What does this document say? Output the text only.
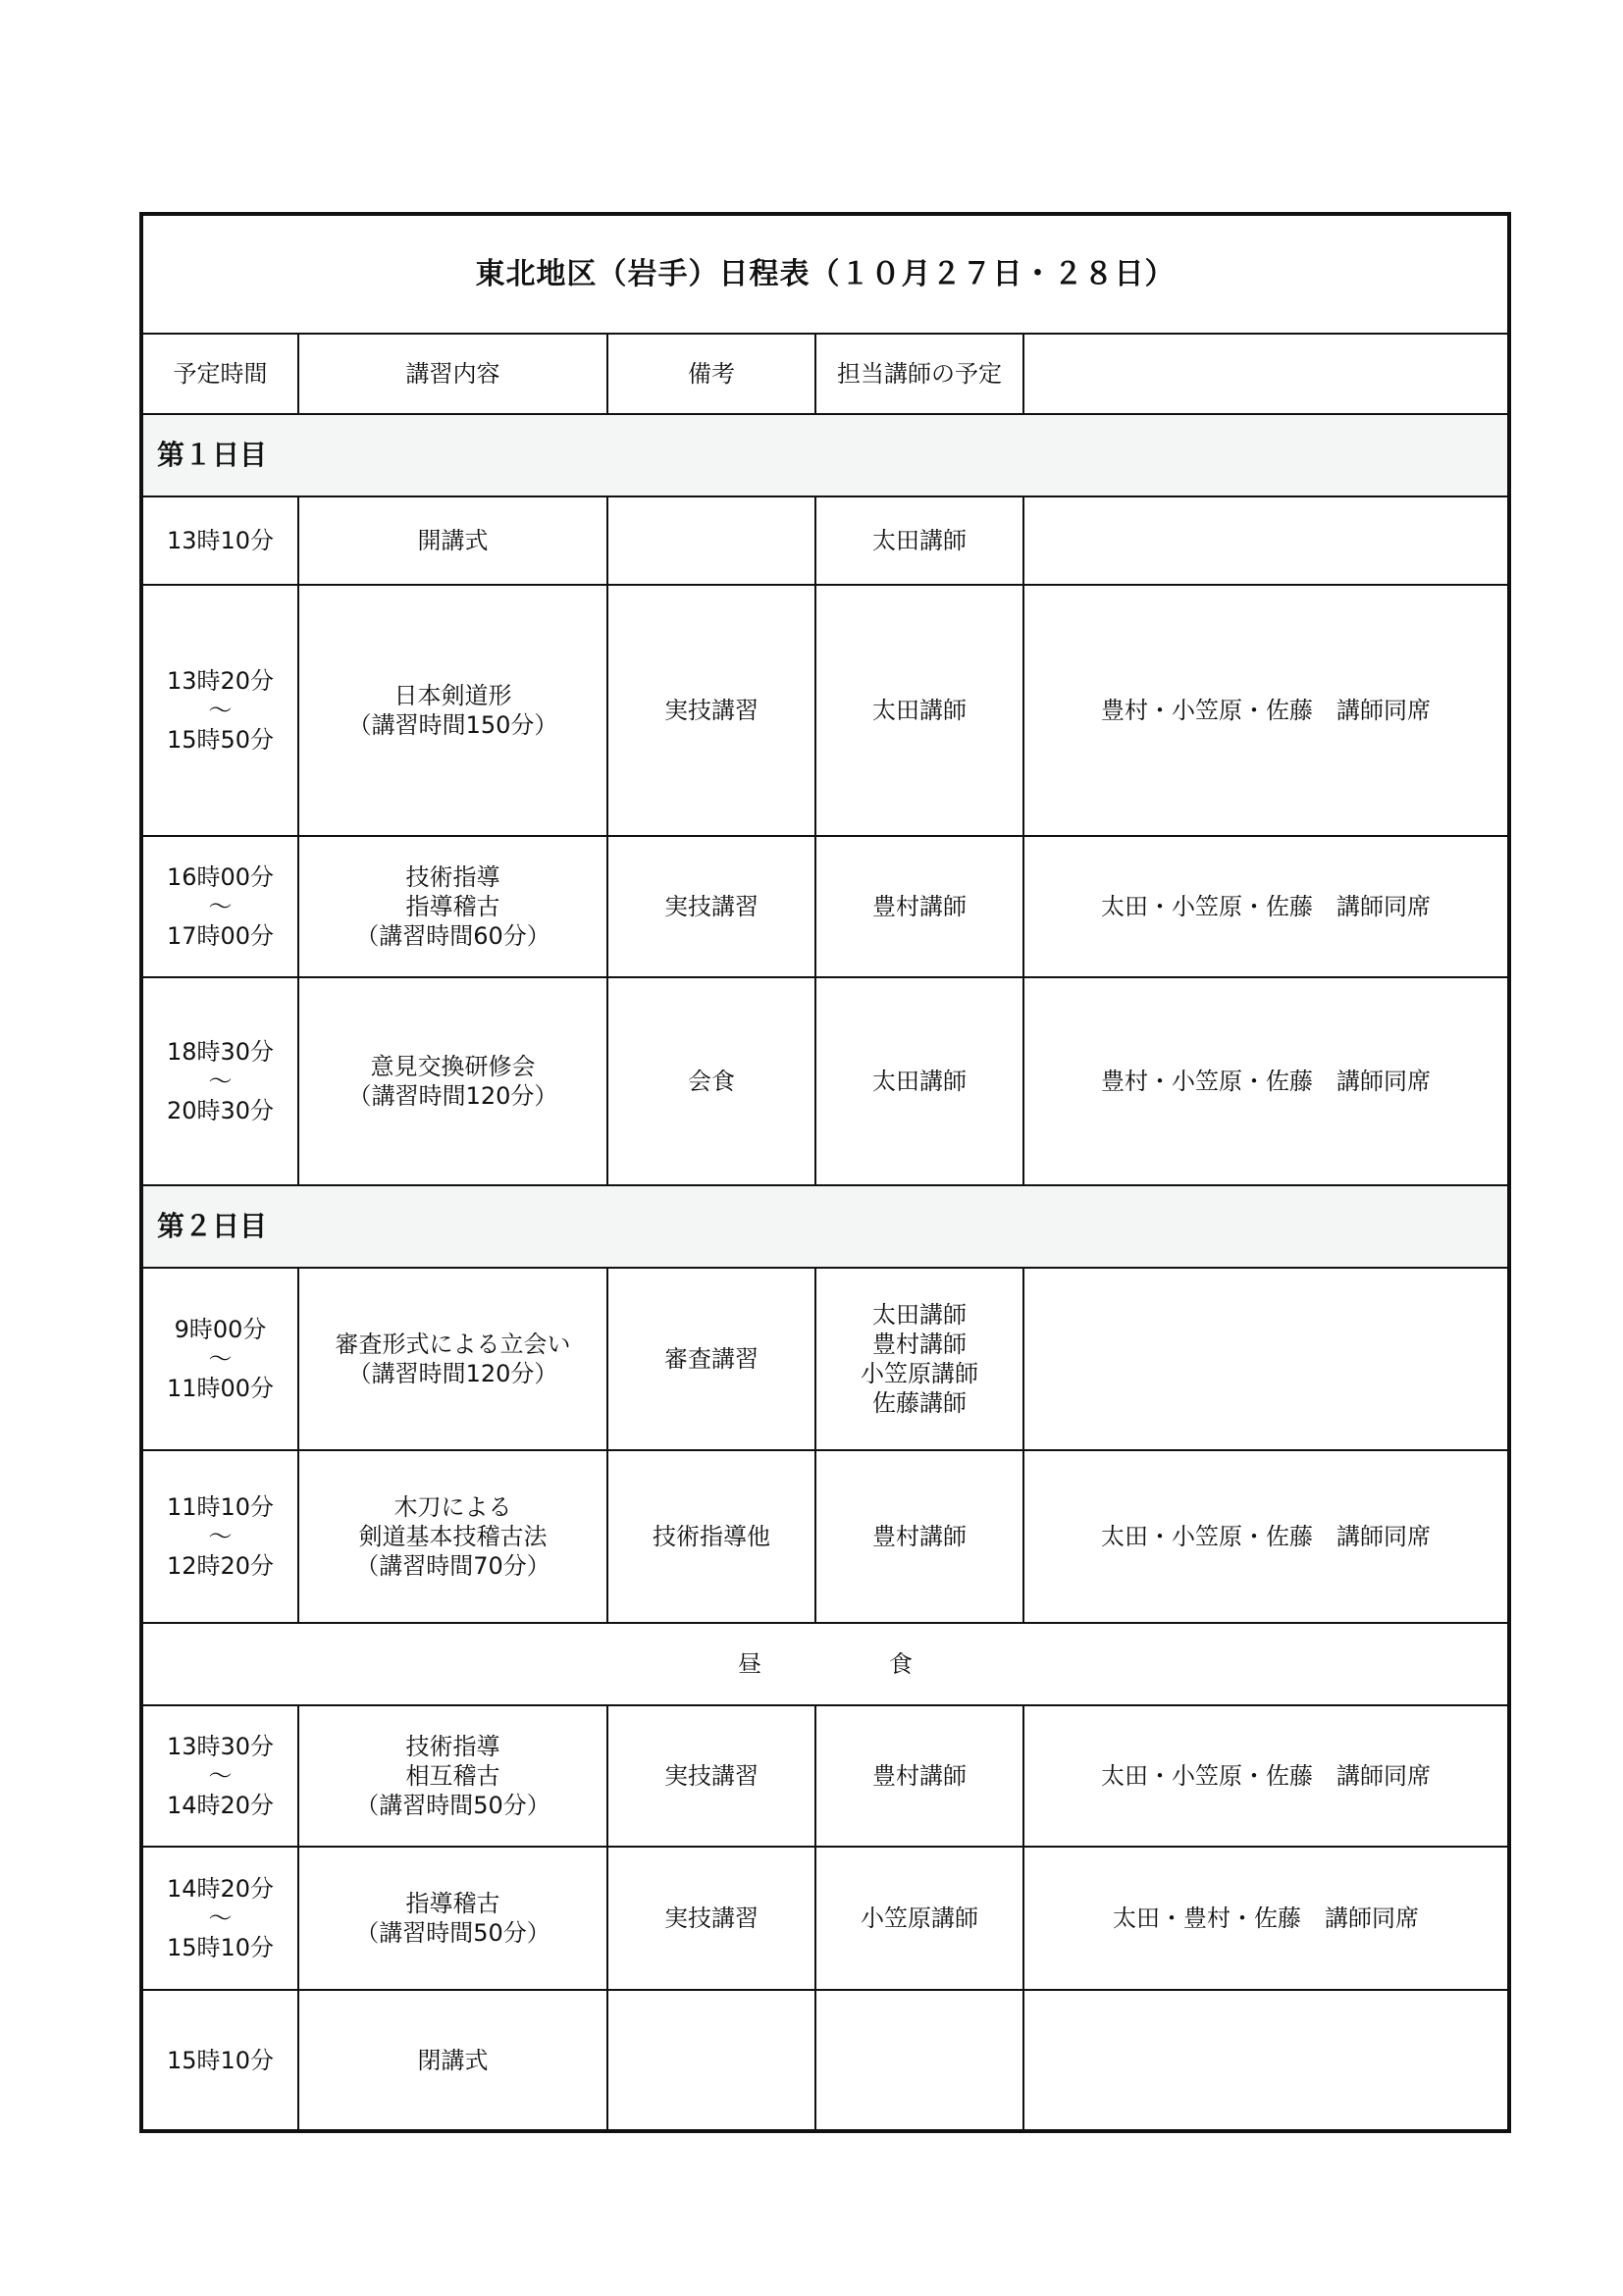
東北地区（岩手）日程表（１０月２７日・２８日）				
予定時間	講習内容	備考	担当講師の予定	
第１日目				

13時10分	開講式		太田講師	

13時20分
～
15時50分	日本剣道形
（講習時間150分）	実技講習	太田講師	豊村・小笠原・佐藤　講師同席

16時00分
～
17時00分	技術指導
指導稽古
（講習時間60分）	実技講習	豊村講師	太田・小笠原・佐藤　講師同席

18時30分
～
20時30分	意見交換研修会
（講習時間120分）	会食	太田講師	豊村・小笠原・佐藤　講師同席
第２日目				

9時00分
～
11時00分	審査形式による立会い
（講習時間120分）	審査講習	太田講師
豊村講師
小笠原講師
佐藤講師	

11時10分
～
12時20分	木刀による
剣道基本技稽古法
（講習時間70分）	技術指導他	豊村講師	太田・小笠原・佐藤　講師同席
昼 食				

13時30分
～
14時20分	技術指導
相互稽古
（講習時間50分）	実技講習	豊村講師	太田・小笠原・佐藤　講師同席

14時20分
～
15時10分	指導稽古
（講習時間50分）	実技講習	小笠原講師	太田・豊村・佐藤　講師同席

15時10分	閉講式			
